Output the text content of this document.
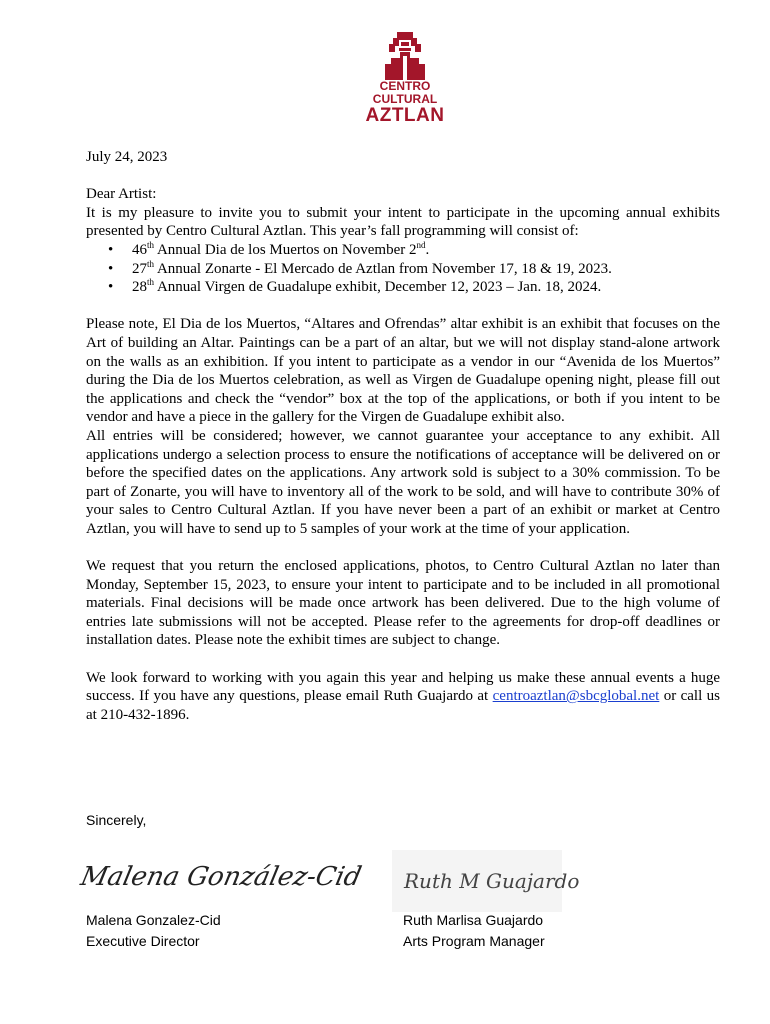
CENTRO
CULTURAL
AZTLAN

July 24, 2023

Dear Artist:

It is my pleasure to invite you to submit your intent to participate in the upcoming annual exhibits presented by Centro Cultural Aztlan. This year’s fall programming will consist of:

• 46th Annual Dia de los Muertos on November 2nd.
• 27th Annual Zonarte - El Mercado de Aztlan from November 17, 18 & 19, 2023.
• 28th Annual Virgen de Guadalupe exhibit, December 12, 2023 – Jan. 18, 2024.

Please note, El Dia de los Muertos, “Altares and Ofrendas” altar exhibit is an exhibit that focuses on the Art of building an Altar. Paintings can be a part of an altar, but we will not display stand-alone artwork on the walls as an exhibition. If you intent to participate as a vendor in our “Avenida de los Muertos” during the Dia de los Muertos celebration, as well as Virgen de Guadalupe opening night, please fill out the applications and check the “vendor” box at the top of the applications, or both if you intent to be vendor and have a piece in the gallery for the Virgen de Guadalupe exhibit also.

All entries will be considered; however, we cannot guarantee your acceptance to any exhibit. All applications undergo a selection process to ensure the notifications of acceptance will be delivered on or before the specified dates on the applications. Any artwork sold is subject to a 30% commission. To be part of Zonarte, you will have to inventory all of the work to be sold, and will have to contribute 30% of your sales to Centro Cultural Aztlan. If you have never been a part of an exhibit or market at Centro Aztlan, you will have to send up to 5 samples of your work at the time of your application.

We request that you return the enclosed applications, photos, to Centro Cultural Aztlan no later than Monday, September 15, 2023, to ensure your intent to participate and to be included in all promotional materials. Final decisions will be made once artwork has been delivered. Due to the high volume of entries late submissions will not be accepted. Please refer to the agreements for drop-off deadlines or installation dates. Please note the exhibit times are subject to change.

We look forward to working with you again this year and helping us make these annual events a huge success. If you have any questions, please email Ruth Guajardo at centroaztlan@sbcglobal.net or call us at 210-432-1896.

Sincerely,
Malena González-Cid Ruth M Guajardo
Malena Gonzalez-Cid
Executive Director
Ruth Marlisa Guajardo
Arts Program Manager
